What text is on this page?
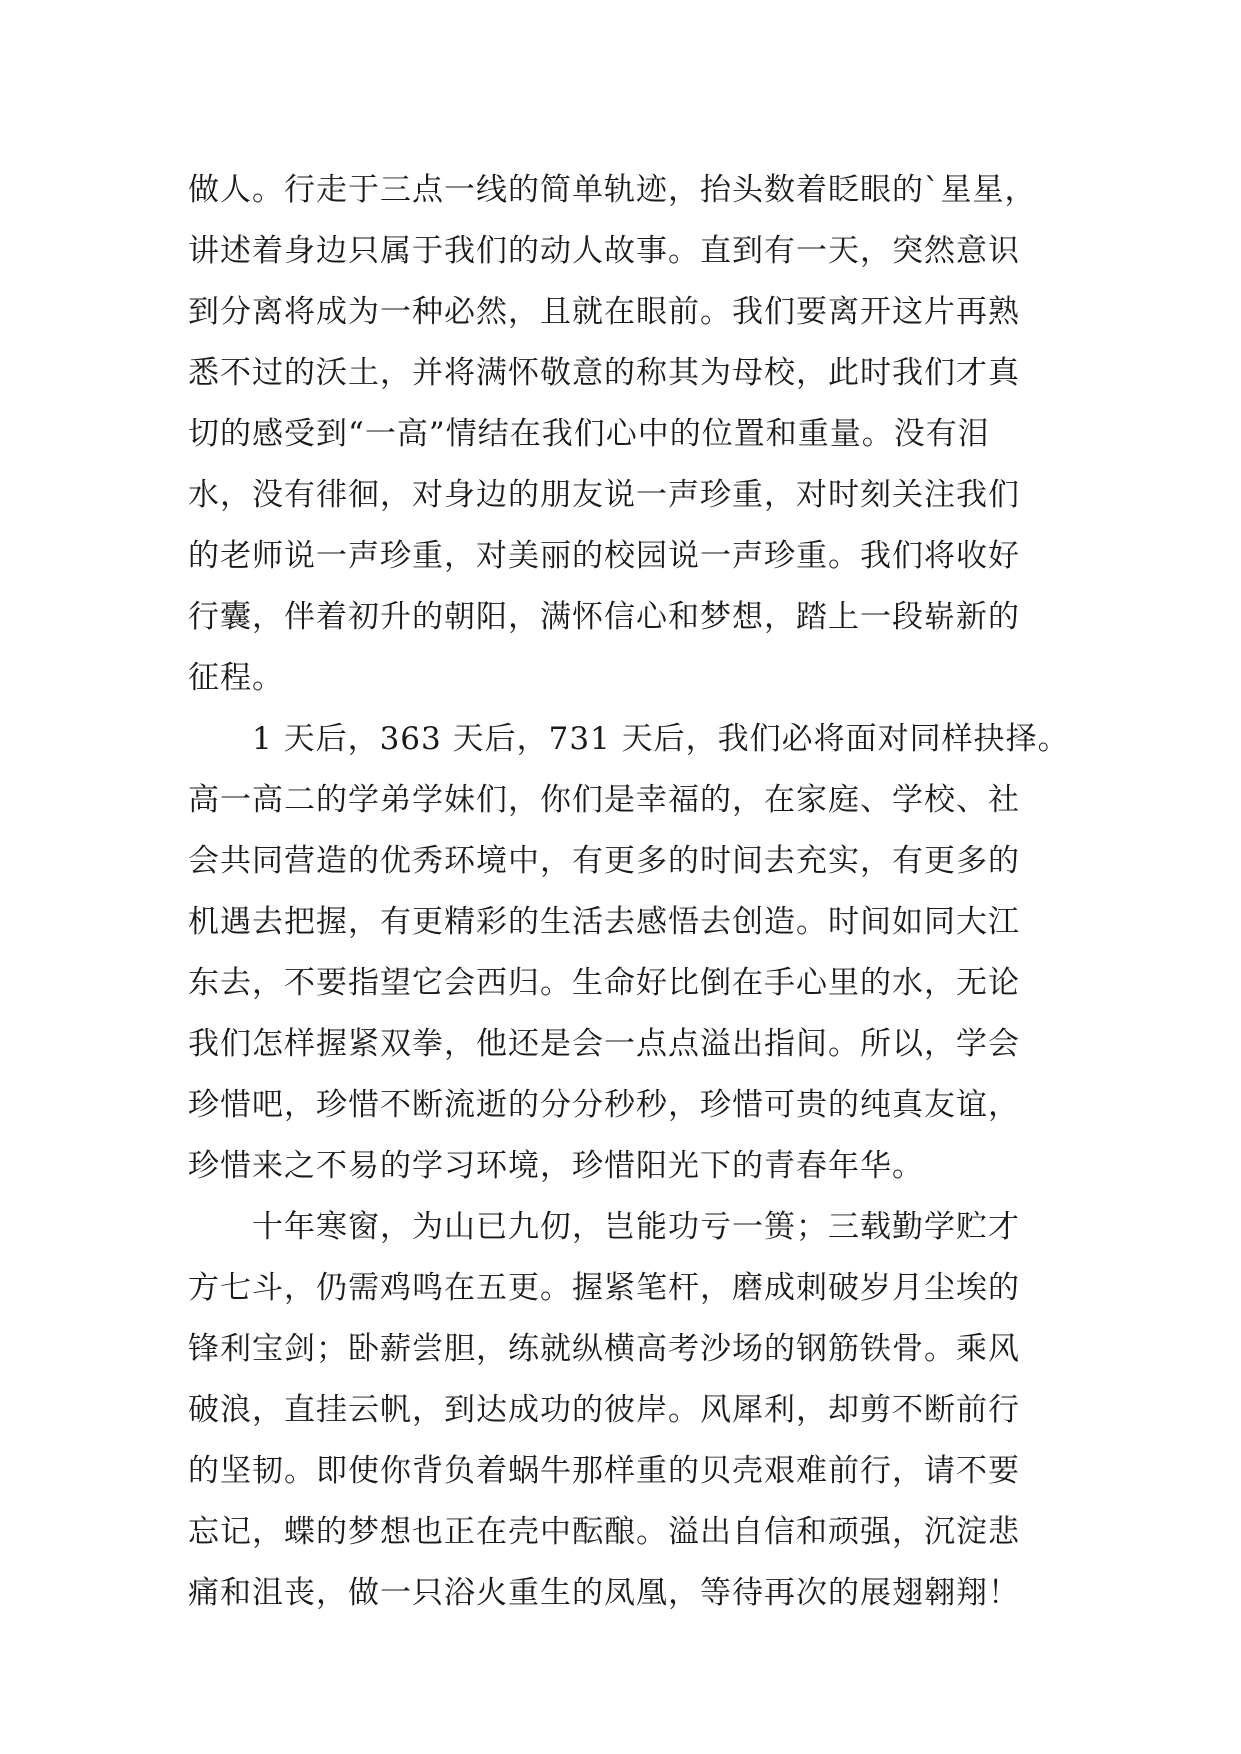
做人。行走于三点一线的简单轨迹，抬头数着眨眼的`星星，
讲述着身边只属于我们的动人故事。直到有一天，突然意识
到分离将成为一种必然，且就在眼前。我们要离开这片再熟
悉不过的沃土，并将满怀敬意的称其为母校，此时我们才真
切的感受到“一高”情结在我们心中的位置和重量。没有泪
水，没有徘徊，对身边的朋友说一声珍重，对时刻关注我们
的老师说一声珍重，对美丽的校园说一声珍重。我们将收好
行囊，伴着初升的朝阳，满怀信心和梦想，踏上一段崭新的
征程。
1 天后，363 天后，731 天后，我们必将面对同样抉择。
高一高二的学弟学妹们，你们是幸福的，在家庭、学校、社
会共同营造的优秀环境中，有更多的时间去充实，有更多的
机遇去把握，有更精彩的生活去感悟去创造。时间如同大江
东去，不要指望它会西归。生命好比倒在手心里的水，无论
我们怎样握紧双拳，他还是会一点点溢出指间。所以，学会
珍惜吧，珍惜不断流逝的分分秒秒，珍惜可贵的纯真友谊，
珍惜来之不易的学习环境，珍惜阳光下的青春年华。
十年寒窗，为山已九仞，岂能功亏一篑；三载勤学贮才
方七斗，仍需鸡鸣在五更。握紧笔杆，磨成刺破岁月尘埃的
锋利宝剑；卧薪尝胆，练就纵横高考沙场的钢筋铁骨。乘风
破浪，直挂云帆，到达成功的彼岸。风犀利，却剪不断前行
的坚韧。即使你背负着蜗牛那样重的贝壳艰难前行，请不要
忘记，蝶的梦想也正在壳中酝酿。溢出自信和顽强，沉淀悲
痛和沮丧，做一只浴火重生的凤凰，等待再次的展翅翱翔！
